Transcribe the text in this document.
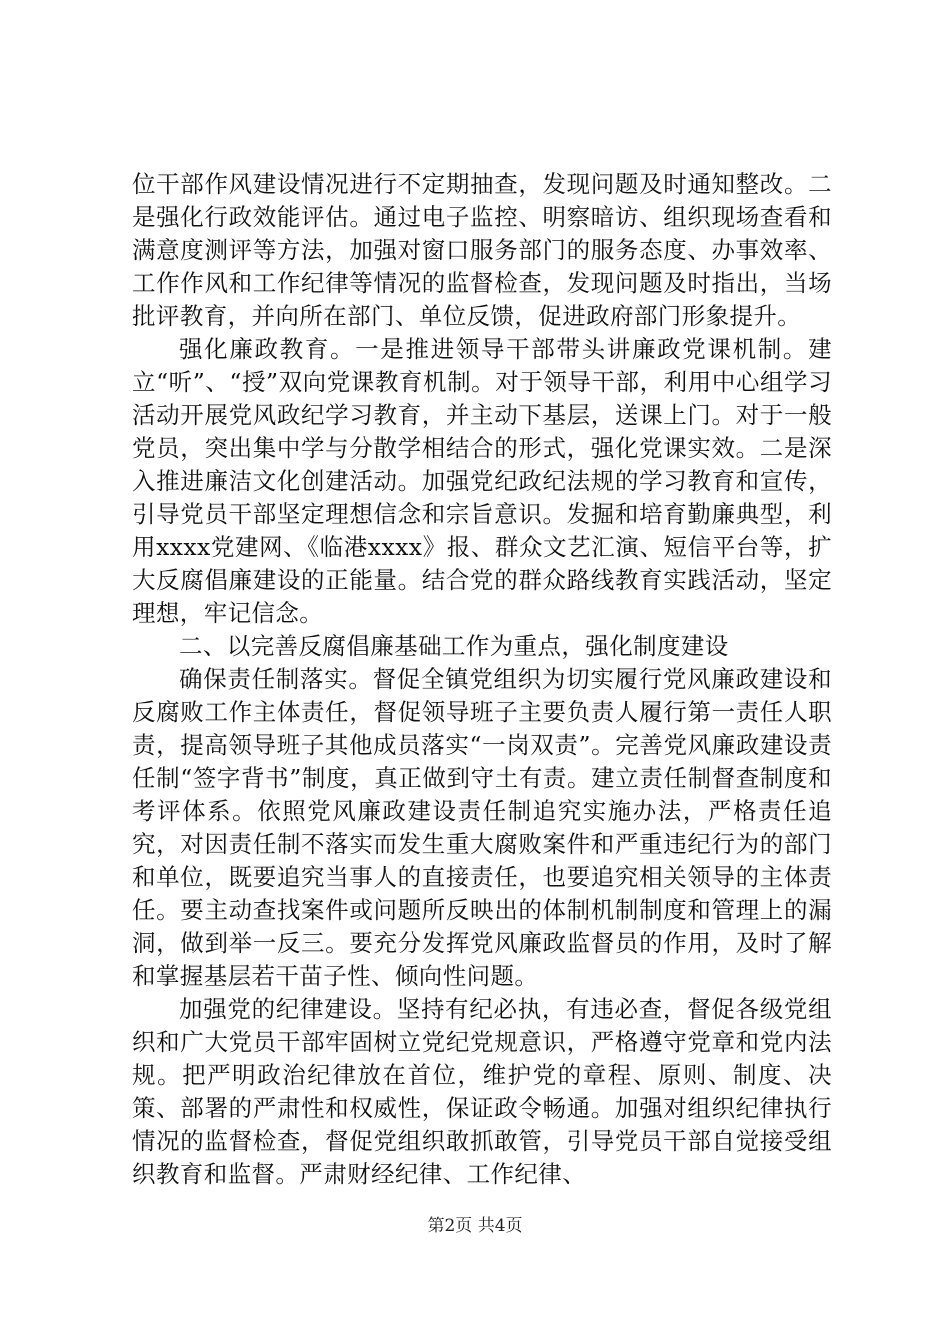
位干部作风建设情况进行不定期抽查，发现问题及时通知整改。二是强化行政效能评估。通过电子监控、明察暗访、组织现场查看和满意度测评等方法，加强对窗口服务部门的服务态度、办事效率、工作作风和工作纪律等情况的监督检查，发现问题及时指出，当场批评教育，并向所在部门、单位反馈，促进政府部门形象提升。

强化廉政教育。一是推进领导干部带头讲廉政党课机制。建立“听”、“授”双向党课教育机制。对于领导干部，利用中心组学习活动开展党风政纪学习教育，并主动下基层，送课上门。对于一般党员，突出集中学与分散学相结合的形式，强化党课实效。二是深入推进廉洁文化创建活动。加强党纪政纪法规的学习教育和宣传，引导党员干部坚定理想信念和宗旨意识。发掘和培育勤廉典型，利用xxxx党建网、《临港xxxx》报、群众文艺汇演、短信平台等，扩大反腐倡廉建设的正能量。结合党的群众路线教育实践活动，坚定理想，牢记信念。

二、以完善反腐倡廉基础工作为重点，强化制度建设

确保责任制落实。督促全镇党组织为切实履行党风廉政建设和反腐败工作主体责任，督促领导班子主要负责人履行第一责任人职责，提高领导班子其他成员落实“一岗双责”。完善党风廉政建设责任制“签字背书”制度，真正做到守土有责。建立责任制督查制度和考评体系。依照党风廉政建设责任制追究实施办法，严格责任追究，对因责任制不落实而发生重大腐败案件和严重违纪行为的部门和单位，既要追究当事人的直接责任，也要追究相关领导的主体责任。要主动查找案件或问题所反映出的体制机制制度和管理上的漏洞，做到举一反三。要充分发挥党风廉政监督员的作用，及时了解和掌握基层若干苗子性、倾向性问题。

加强党的纪律建设。坚持有纪必执，有违必查，督促各级党组织和广大党员干部牢固树立党纪党规意识，严格遵守党章和党内法规。把严明政治纪律放在首位，维护党的章程、原则、制度、决策、部署的严肃性和权威性，保证政令畅通。加强对组织纪律执行情况的监督检查，督促党组织敢抓敢管，引导党员干部自觉接受组织教育和监督。严肃财经纪律、工作纪律、

第2页 共4页
